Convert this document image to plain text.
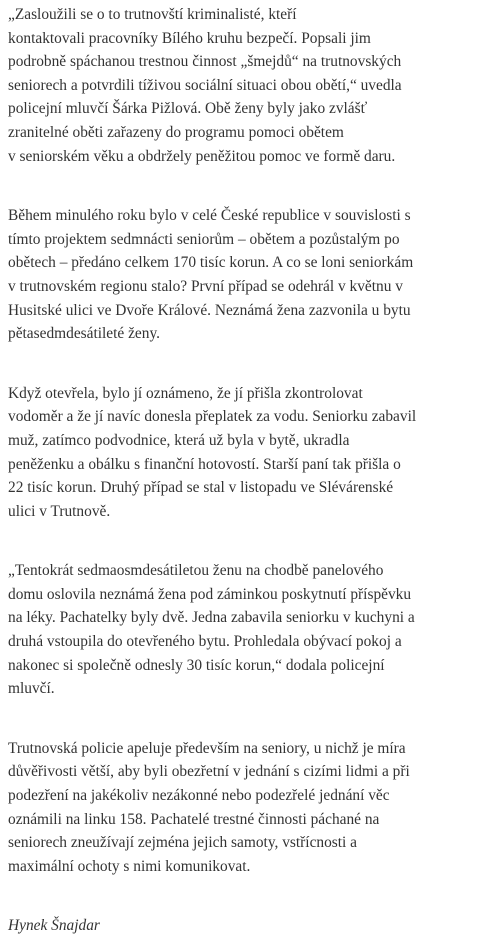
„Zasloužili se o to trutnovští kriminalisté, kteří
kontaktovali pracovníky Bílého kruhu bezpečí. Popsali jim
podrobně spáchanou trestnou činnost „šmejdů“ na trutnovských
seniorech a potvrdili tíživou sociální situaci obou obětí,“ uvedla
policejní mluvčí Šárka Pižlová. Obě ženy byly jako zvlášť
zranitelné oběti zařazeny do programu pomoci obětem
v seniorském věku a obdržely peněžitou pomoc ve formě daru.

Během minulého roku bylo v celé České republice v souvislosti s
tímto projektem sedmnácti seniorům – obětem a pozůstalým po
obětech – předáno celkem 170 tisíc korun. A co se loni seniorkám
v trutnovském regionu stalo? První případ se odehrál v květnu v
Husitské ulici ve Dvoře Králové. Neznámá žena zazvonila u bytu
pětasedmdesátileté ženy.

Když otevřela, bylo jí oznámeno, že jí přišla zkontrolovat
vodoměr a že jí navíc donesla přeplatek za vodu. Seniorku zabavil
muž, zatímco podvodnice, která už byla v bytě, ukradla
peněženku a obálku s finanční hotovostí. Starší paní tak přišla o
22 tisíc korun. Druhý případ se stal v listopadu ve Slévárenské
ulici v Trutnově.

„Tentokrát sedmaosmdesátiletou ženu na chodbě panelového
domu oslovila neznámá žena pod záminkou poskytnutí příspěvku
na léky. Pachatelky byly dvě. Jedna zabavila seniorku v kuchyni a
druhá vstoupila do otevřeného bytu. Prohledala obývací pokoj a
nakonec si společně odnesly 30 tisíc korun,“ dodala policejní
mluvčí.

Trutnovská policie apeluje především na seniory, u nichž je míra
důvěřivosti větší, aby byli obezřetní v jednání s cizími lidmi a při
podezření na jakékoliv nezákonné nebo podezřelé jednání věc
oznámili na linku 158. Pachatelé trestné činnosti páchané na
seniorech zneužívají zejména jejich samoty, vstřícnosti a
maximální ochoty s nimi komunikovat.

Hynek Šnajdar
